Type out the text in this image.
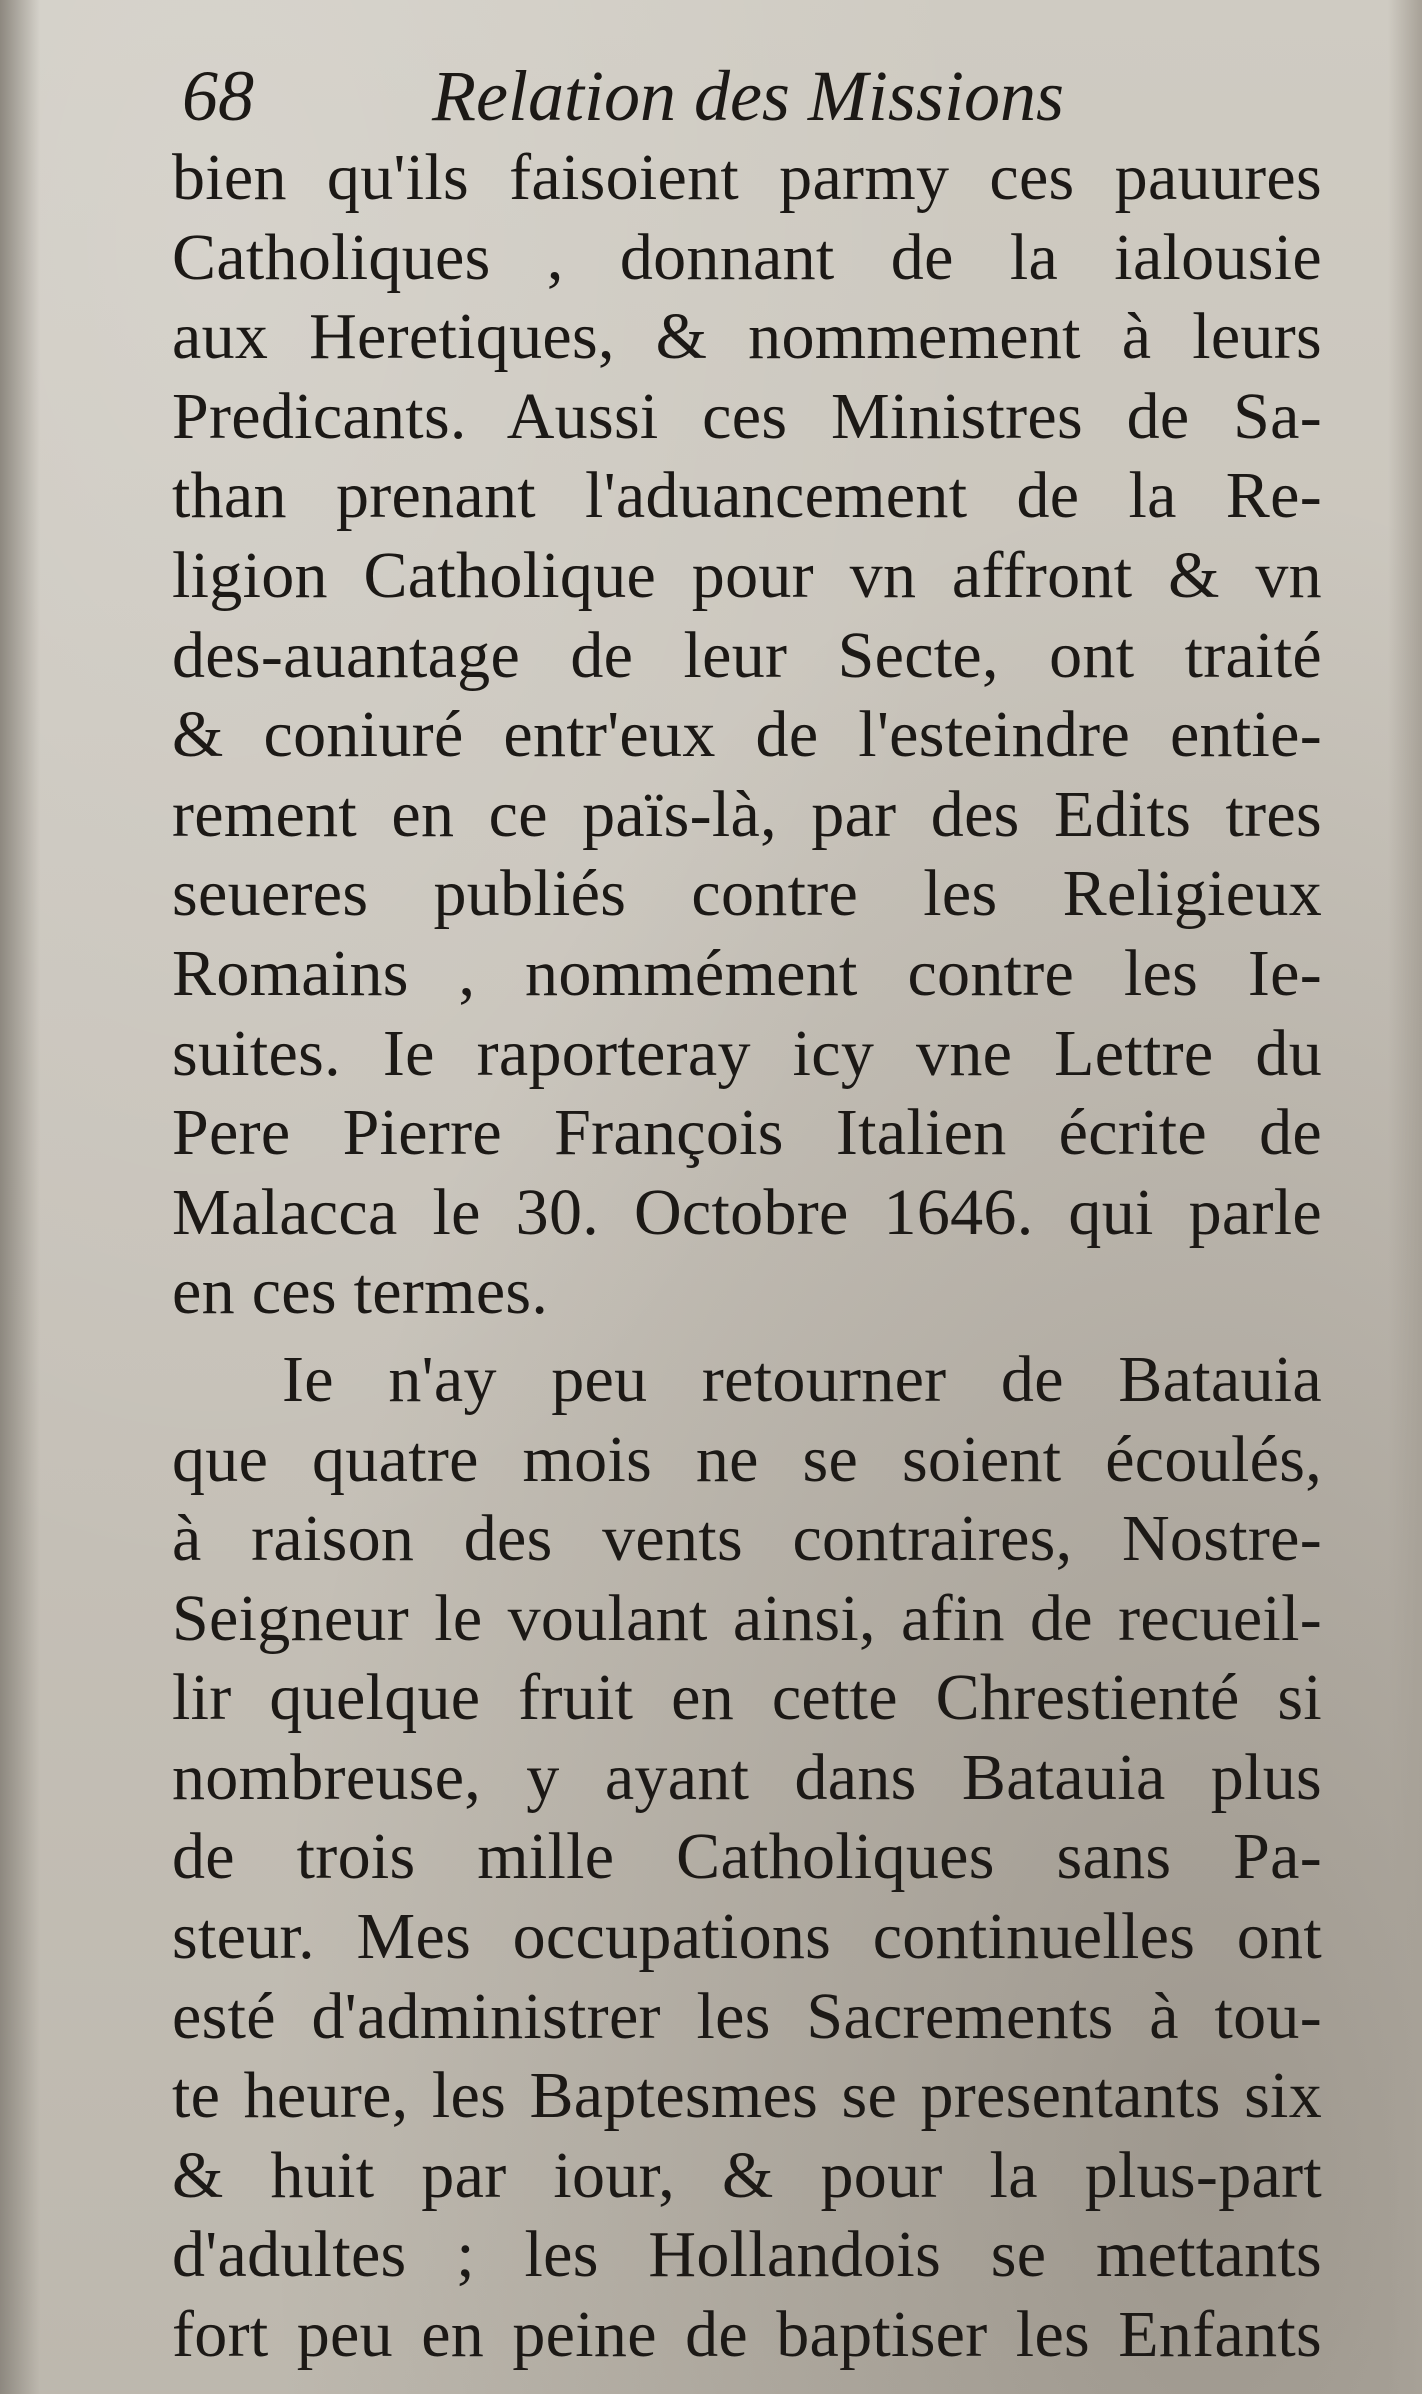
68 Relation des Missions
bien qu'ils faisoient parmy ces pauures
Catholiques , donnant de la ialousie
aux Heretiques, & nommement à leurs
Predicants. Aussi ces Ministres de Sa-
than prenant l'aduancement de la Re-
ligion Catholique pour vn affront & vn
des-auantage de leur Secte, ont traité
& coniuré entr'eux de l'esteindre entie-
rement en ce païs-là, par des Edits tres
seueres publiés contre les Religieux
Romains , nommément contre les Ie-
suites. Ie raporteray icy vne Lettre du
Pere Pierre François Italien écrite de
Malacca le 30. Octobre 1646. qui parle
en ces termes.
Ie n'ay peu retourner de Batauia
que quatre mois ne se soient écoulés,
à raison des vents contraires, Nostre-
Seigneur le voulant ainsi, afin de recueil-
lir quelque fruit en cette Chrestienté si
nombreuse, y ayant dans Batauia plus
de trois mille Catholiques sans Pa-
steur. Mes occupations continuelles ont
esté d'administrer les Sacrements à tou-
te heure, les Baptesmes se presentants six
& huit par iour, & pour la plus-part
d'adultes ; les Hollandois se mettants
fort peu en peine de baptiser les Enfants
